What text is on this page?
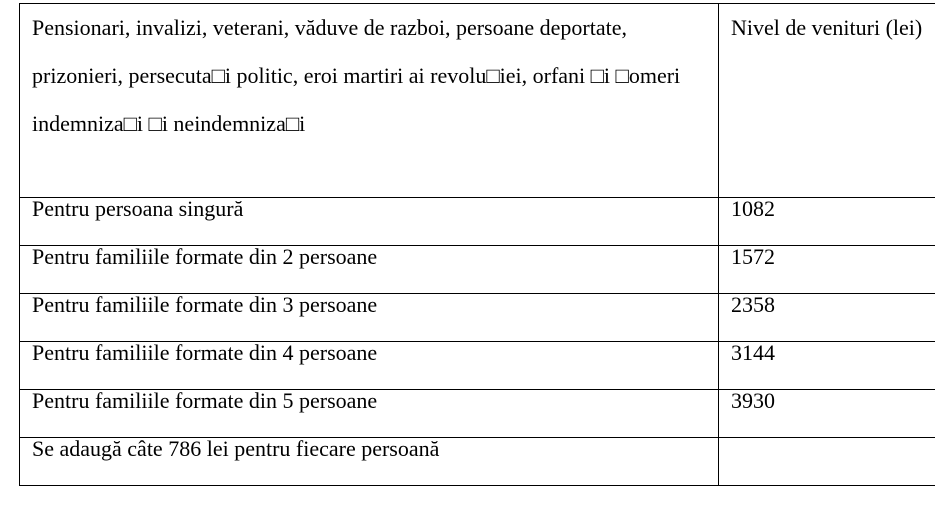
Pensionari, invalizi, veterani, văduve de razboi, persoane deportate, prizonieri, persecuta□i politic, eroi martiri ai revolu□iei, orfani □i □omeri indemniza□i □i neindemniza□i	Nivel de venituri (lei)
Pentru persoana singură	1082
Pentru familiile formate din 2 persoane	1572
Pentru familiile formate din 3 persoane	2358
Pentru familiile formate din 4 persoane	3144
Pentru familiile formate din 5 persoane	3930
Se adaugă câte 786 lei pentru fiecare persoană	
